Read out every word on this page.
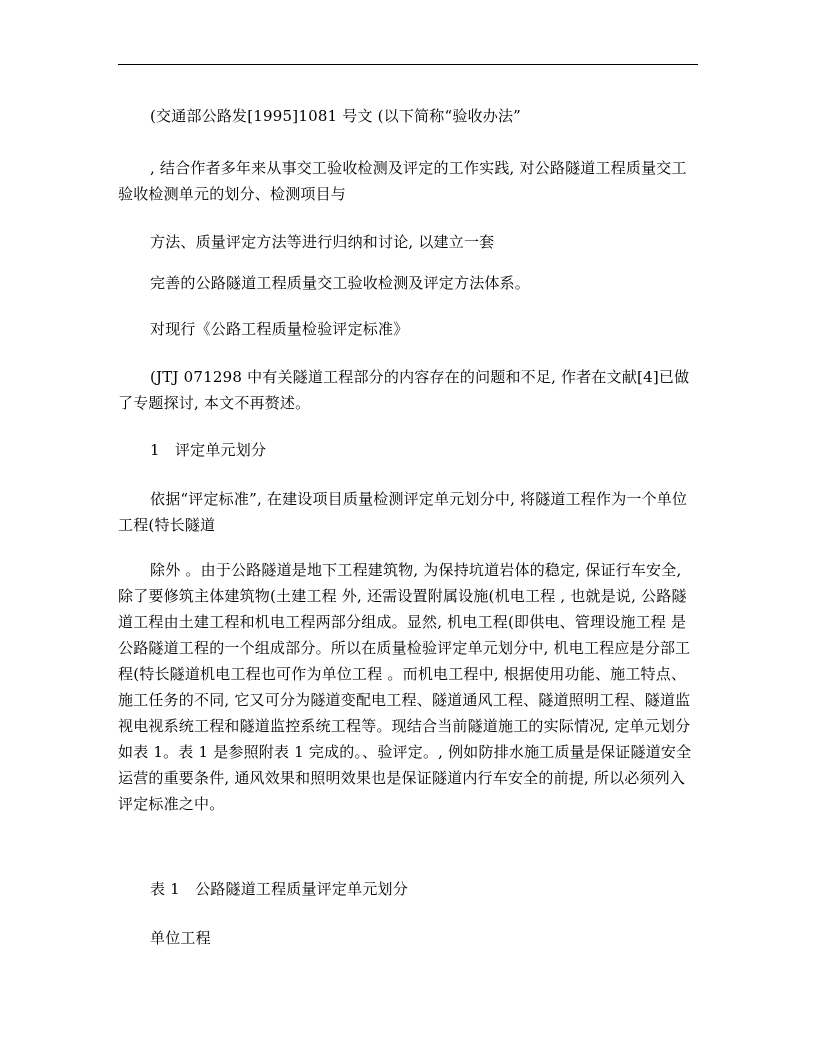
(交通部公路发[1995]1081 号文 (以下简称“验收办法”

, 结合作者多年来从事交工验收检测及评定的工作实践, 对公路隧道工程质量交工验收检测单元的划分、检测项目与

方法、质量评定方法等进行归纳和讨论, 以建立一套

完善的公路隧道工程质量交工验收检测及评定方法体系。

对现行《公路工程质量检验评定标准》

(JTJ 071298 中有关隧道工程部分的内容存在的问题和不足, 作者在文献[4]已做了专题探讨, 本文不再赘述。

1　评定单元划分

依据“评定标准”, 在建设项目质量检测评定单元划分中, 将隧道工程作为一个单位工程(特长隧道

除外 。由于公路隧道是地下工程建筑物, 为保持坑道岩体的稳定, 保证行车安全, 除了要修筑主体建筑物(土建工程 外, 还需设置附属设施(机电工程 , 也就是说, 公路隧道工程由土建工程和机电工程两部分组成。显然, 机电工程(即供电、管理设施工程 是公路隧道工程的一个组成部分。所以在质量检验评定单元划分中, 机电工程应是分部工程(特长隧道机电工程也可作为单位工程 。而机电工程中, 根据使用功能、施工特点、施工任务的不同, 它又可分为隧道变配电工程、隧道通风工程、隧道照明工程、隧道监视电视系统工程和隧道监控系统工程等。现结合当前隧道施工的实际情况, 定单元划分如表 1。表 1 是参照附表 1 完成的。、验评定。, 例如防排水施工质量是保证隧道安全运营的重要条件, 通风效果和照明效果也是保证隧道内行车安全的前提, 所以必须列入评定标准之中。

表 1　公路隧道工程质量评定单元划分

单位工程
